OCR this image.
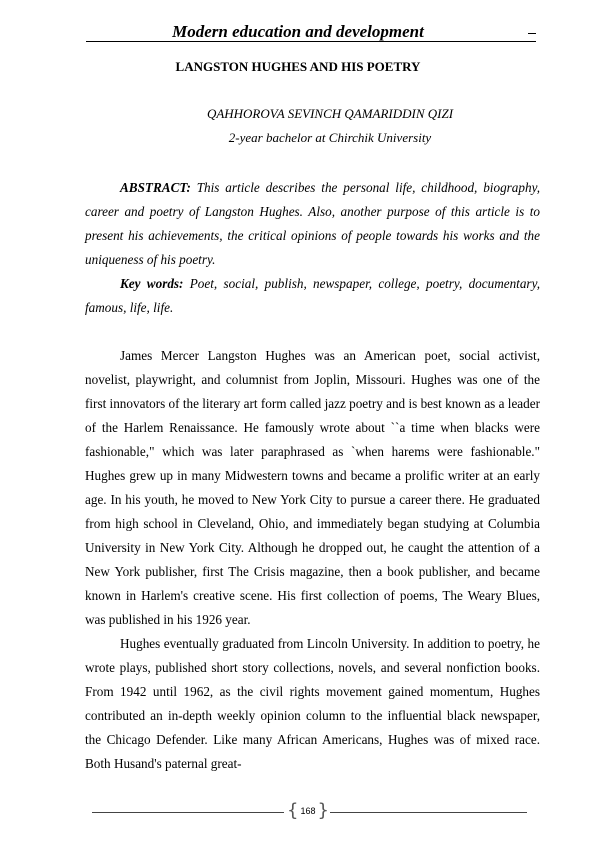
Modern education and development
LANGSTON HUGHES AND HIS POETRY
QAHHOROVA SEVINCH QAMARIDDIN QIZI
2-year bachelor at Chirchik University

ABSTRACT: This article describes the personal life, childhood, biography, career and poetry of Langston Hughes. Also, another purpose of this article is to present his achievements, the critical opinions of people towards his works and the uniqueness of his poetry.

Key words: Poet, social, publish, newspaper, college, poetry, documentary, famous, life, life.

James Mercer Langston Hughes was an American poet, social activist, novelist, playwright, and columnist from Joplin, Missouri. Hughes was one of the first innovators of the literary art form called jazz poetry and is best known as a leader of the Harlem Renaissance. He famously wrote about ``a time when blacks were fashionable," which was later paraphrased as `when harems were fashionable." Hughes grew up in many Midwestern towns and became a prolific writer at an early age. In his youth, he moved to New York City to pursue a career there. He graduated from high school in Cleveland, Ohio, and immediately began studying at Columbia University in New York City. Although he dropped out, he caught the attention of a New York publisher, first The Crisis magazine, then a book publisher, and became known in Harlem's creative scene. His first collection of poems, The Weary Blues, was published in his 1926 year.

Hughes eventually graduated from Lincoln University. In addition to poetry, he wrote plays, published short story collections, novels, and several nonfiction books. From 1942 until 1962, as the civil rights movement gained momentum, Hughes contributed an in-depth weekly opinion column to the influential black newspaper, the Chicago Defender. Like many African Americans, Hughes was of mixed race. Both Husand's paternal great-

{ 168 }
